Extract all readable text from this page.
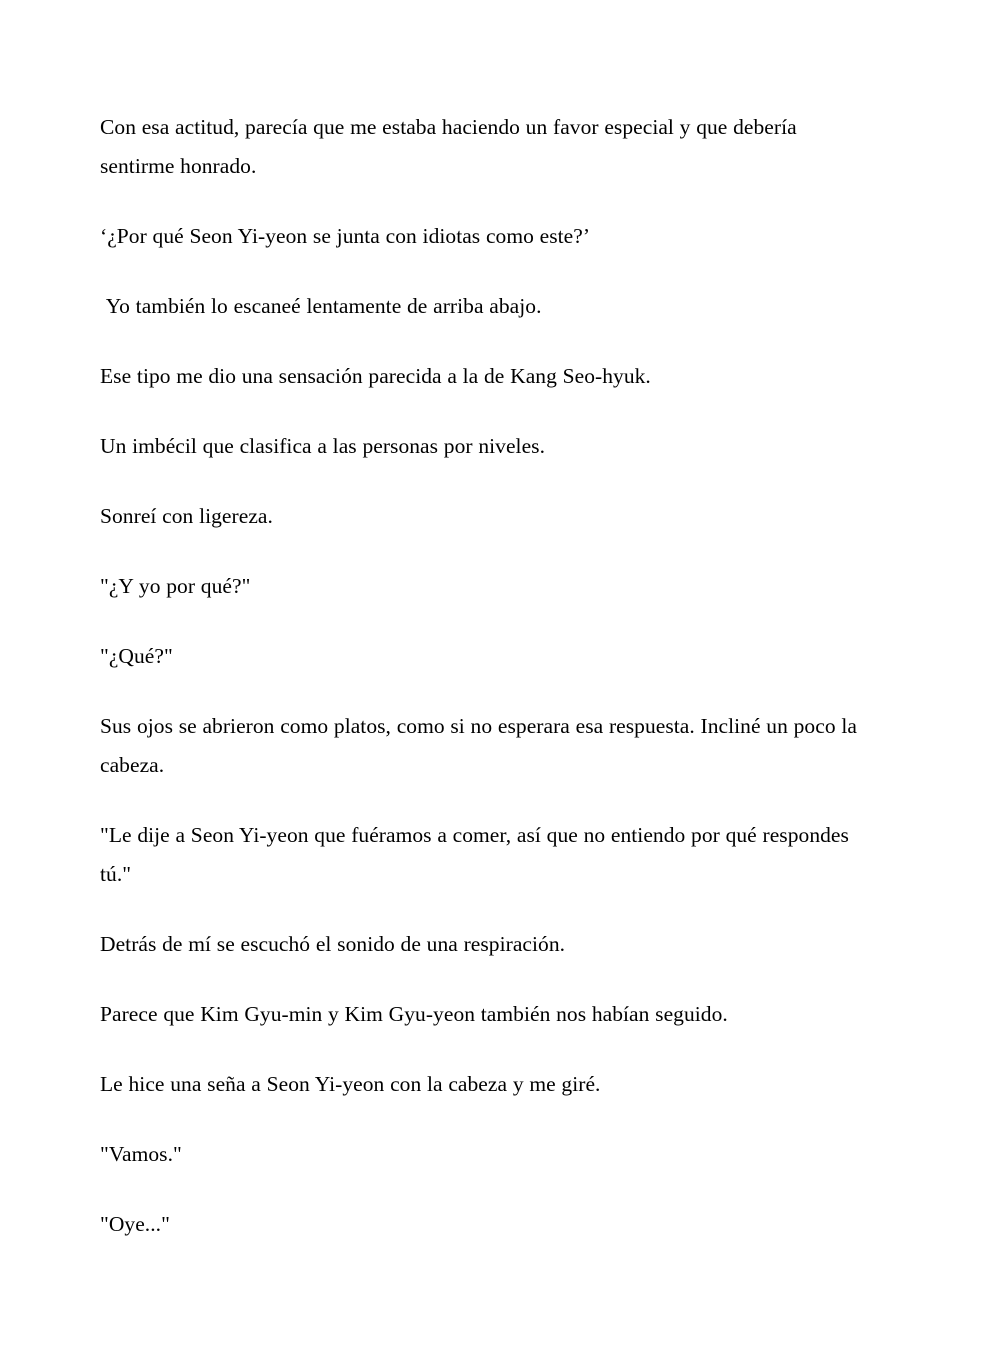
Con esa actitud, parecía que me estaba haciendo un favor especial y que debería sentirme honrado.

‘¿Por qué Seon Yi-yeon se junta con idiotas como este?’

Yo también lo escaneé lentamente de arriba abajo.

Ese tipo me dio una sensación parecida a la de Kang Seo-hyuk.

Un imbécil que clasifica a las personas por niveles.

Sonreí con ligereza.

"¿Y yo por qué?"

"¿Qué?"

Sus ojos se abrieron como platos, como si no esperara esa respuesta. Incliné un poco la cabeza.

"Le dije a Seon Yi-yeon que fuéramos a comer, así que no entiendo por qué respondes tú."

Detrás de mí se escuchó el sonido de una respiración.

Parece que Kim Gyu-min y Kim Gyu-yeon también nos habían seguido.

Le hice una seña a Seon Yi-yeon con la cabeza y me giré.

"Vamos."

"Oye..."
